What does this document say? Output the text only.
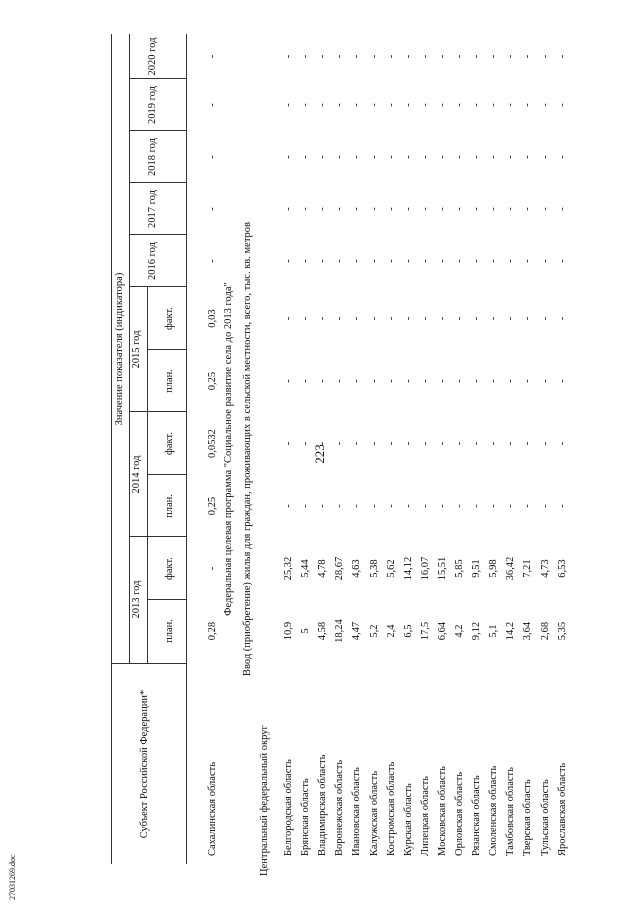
223
27031269.doc
Субъект Российской Федерации*
Значение показателя (индикатора)
2013 год
2014 год
2015 год
2016 год
2017 год
2018 год
2019 год
2020 год
план.
факт.
план.
факт.
план.
факт.
Сахалинская область
0,28
-
0,25
0,0532
0,25
0,03
-
-
-
-
-
Федеральная целевая программа "Социальное развитие села до 2013 года" Ввод (приобретение) жилья для граждан, проживающих в сельской местности, всего, тыс. кв. метров
Центральный федеральный округ Белгородская область
10,9
25,32
-
-
-
-
-
-
-
-
-
Брянская область
5
5,44
-
-
-
-
-
-
-
-
-
Владимирская область
4,58
4,78
-
-
-
-
-
-
-
-
-
Воронежская область
18,24
28,67
-
-
-
-
-
-
-
-
-
Ивановская область
4,47
4,63
-
-
-
-
-
-
-
-
-
Калужская область
5,2
5,38
-
-
-
-
-
-
-
-
-
Костромская область
2,4
5,62
-
-
-
-
-
-
-
-
-
Курская область
6,5
14,12
-
-
-
-
-
-
-
-
-
Липецкая область
17,5
16,07
-
-
-
-
-
-
-
-
-
Московская область
6,64
15,51
-
-
-
-
-
-
-
-
-
Орловская область
4,2
5,85
-
-
-
-
-
-
-
-
-
Рязанская область
9,12
9,51
-
-
-
-
-
-
-
-
-
Смоленская область
5,1
5,98
-
-
-
-
-
-
-
-
-
Тамбовская область
14,2
36,42
-
-
-
-
-
-
-
-
-
Тверская область
3,64
7,21
-
-
-
-
-
-
-
-
-
Тульская область
2,68
4,73
-
-
-
-
-
-
-
-
-
Ярославская область
5,35
6,53
-
-
-
-
-
-
-
-
-
